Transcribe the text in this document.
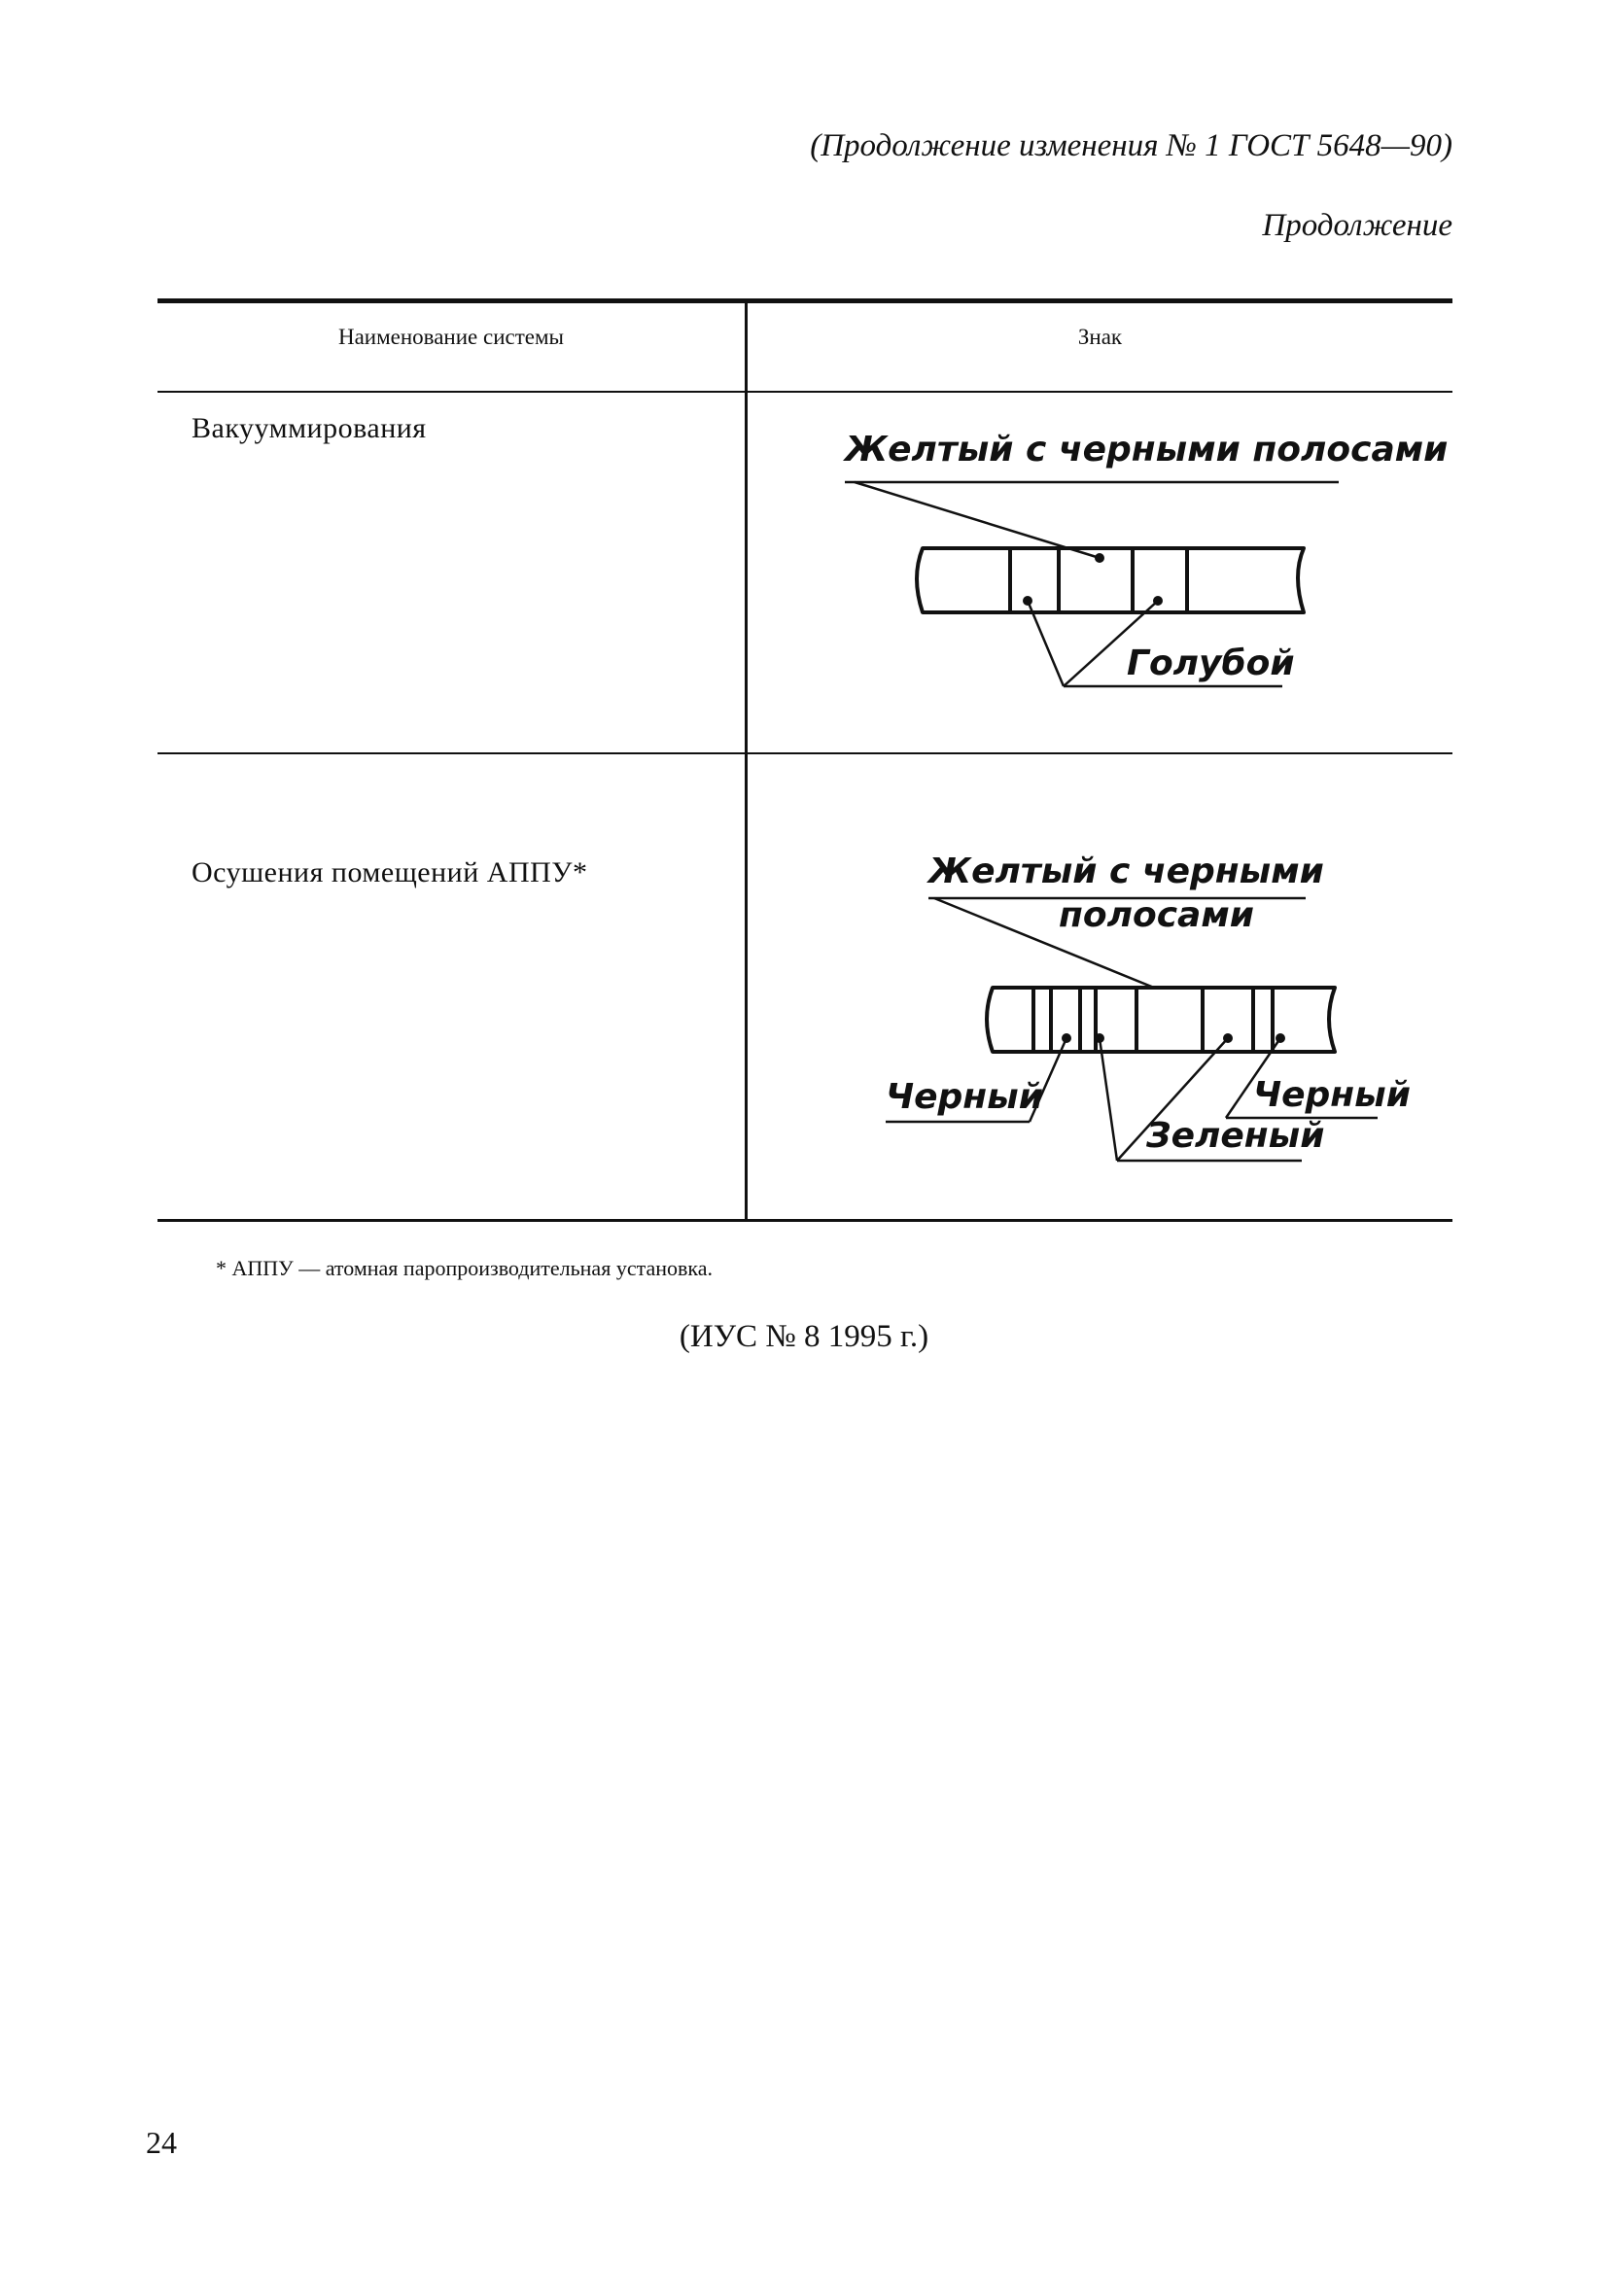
(Продолжение изменения № 1 ГОСТ 5648—90)
Продолжение
Наименование системы	Знак
Вакууммирования
Желтый с черными полосами
Голубой
Осушения помещений АППУ*	Желтый с черными
полосами
Черный
Зеленый
Черный
* АППУ — атомная паропроизводительная установка.
(ИУС № 8 1995 г.)
24
